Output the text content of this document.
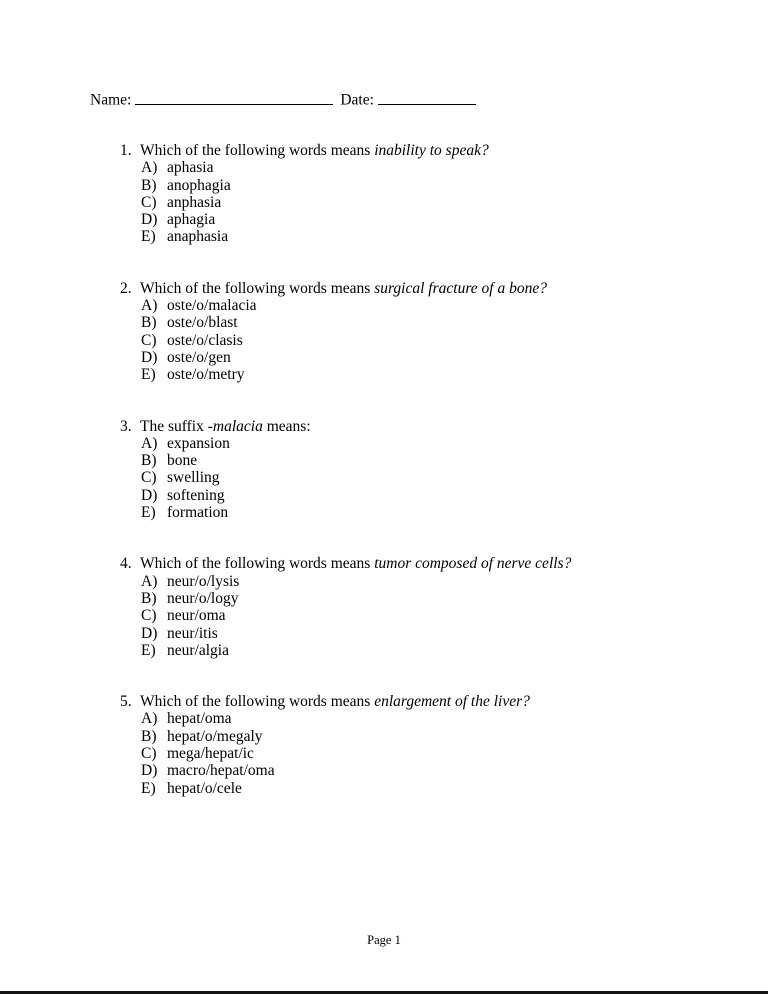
Name:	Date:
1. Which of the following words means inability to speak?
A) aphasia
B) anophagia
C) anphasia
D) aphagia
E) anaphasia
2. Which of the following words means surgical fracture of a bone?
A) oste/o/malacia
B) oste/o/blast
C) oste/o/clasis
D) oste/o/gen
E) oste/o/metry
3. The suffix -malacia means:
A) expansion
B) bone
C) swelling
D) softening
E) formation
4. Which of the following words means tumor composed of nerve cells?
A) neur/o/lysis
B) neur/o/logy
C) neur/oma
D) neur/itis
E) neur/algia
5. Which of the following words means enlargement of the liver?
A) hepat/oma
B) hepat/o/megaly
C) mega/hepat/ic
D) macro/hepat/oma
E) hepat/o/cele
Page 1
